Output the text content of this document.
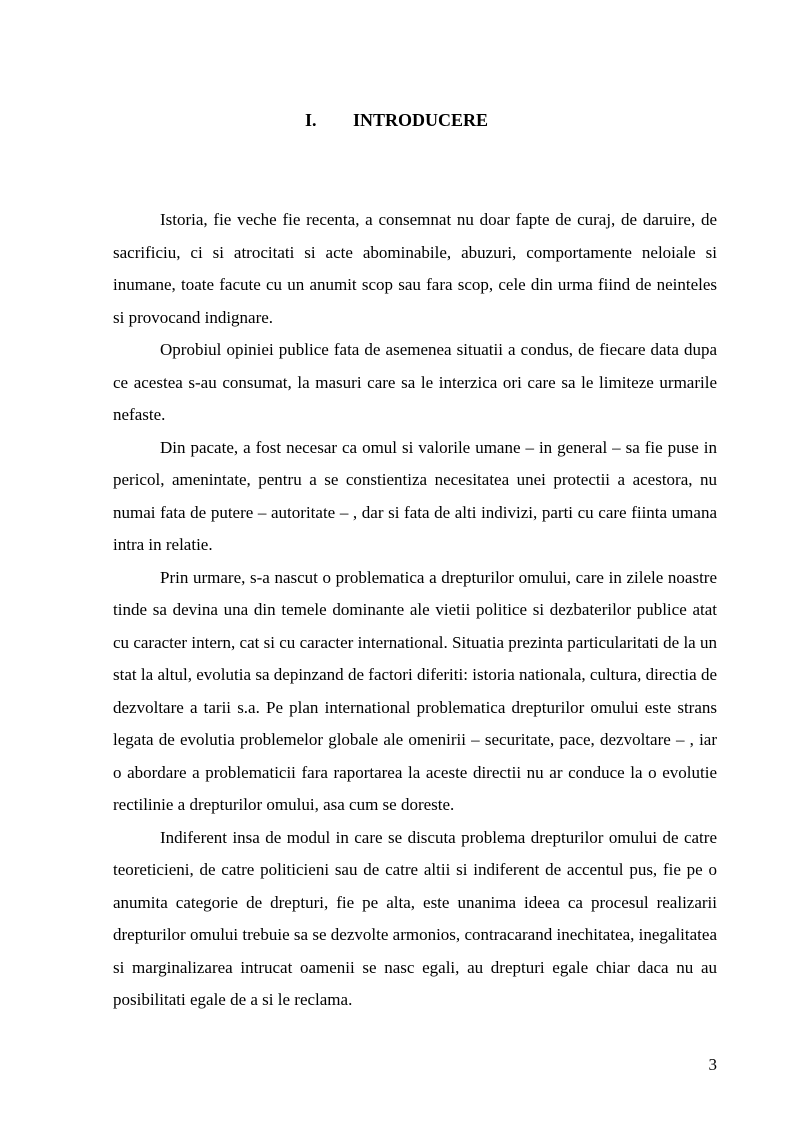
I. INTRODUCERE

Istoria, fie veche fie recenta, a consemnat nu doar fapte de curaj, de daruire, de sacrificiu, ci si atrocitati si acte abominabile, abuzuri, comportamente neloiale si inumane, toate facute cu un anumit scop sau fara scop, cele din urma fiind de neinteles si provocand indignare.

Oprobiul opiniei publice fata de asemenea situatii a condus, de fiecare data dupa ce acestea s-au consumat, la masuri care sa le interzica ori care sa le limiteze urmarile nefaste.

Din pacate, a fost necesar ca omul si valorile umane – in general – sa fie puse in pericol, amenintate, pentru a se constientiza necesitatea unei protectii a acestora, nu numai fata de putere – autoritate – , dar si fata de alti indivizi, parti cu care fiinta umana intra in relatie.

Prin urmare, s-a nascut o problematica a drepturilor omului, care in zilele noastre tinde sa devina una din temele dominante ale vietii politice si dezbaterilor publice atat cu caracter intern, cat si cu caracter international. Situatia prezinta particularitati de la un stat la altul, evolutia sa depinzand de factori diferiti: istoria nationala, cultura, directia de dezvoltare a tarii s.a. Pe plan international problematica drepturilor omului este strans legata de evolutia problemelor globale ale omenirii – securitate, pace, dezvoltare – , iar o abordare a problematicii fara raportarea la aceste directii nu ar conduce la o evolutie rectilinie a drepturilor omului, asa cum se doreste.

Indiferent insa de modul in care se discuta problema drepturilor omului de catre teoreticieni, de catre politicieni sau de catre altii si indiferent de accentul pus, fie pe o anumita categorie de drepturi, fie pe alta, este unanima ideea ca procesul realizarii drepturilor omului trebuie sa se dezvolte armonios, contracarand inechitatea, inegalitatea si marginalizarea intrucat oamenii se nasc egali, au drepturi egale chiar daca nu au posibilitati egale de a si le reclama.

3
